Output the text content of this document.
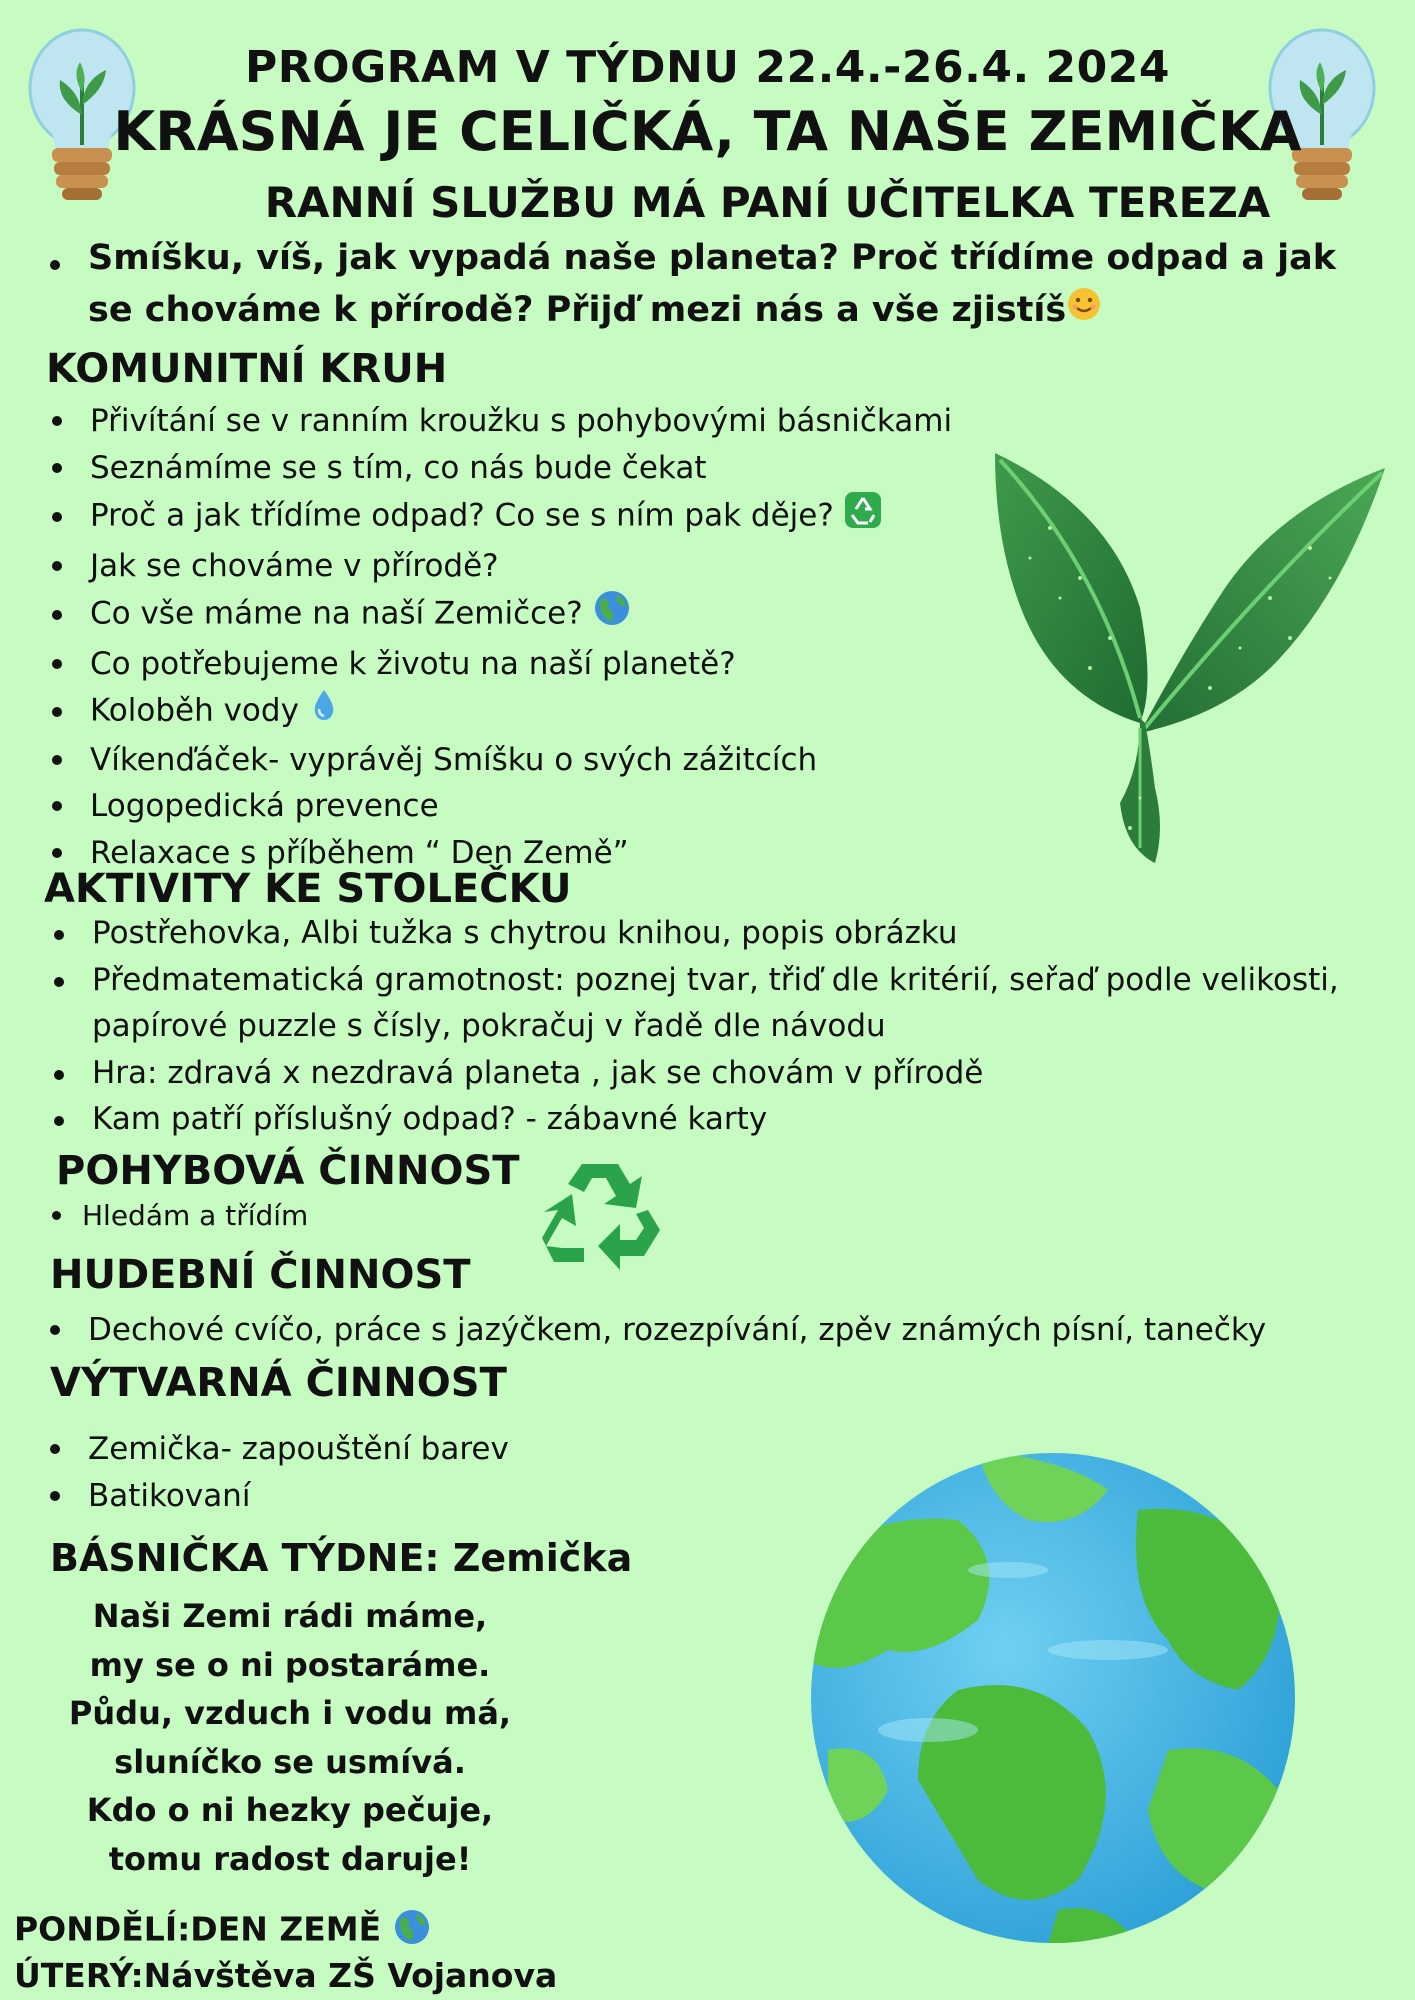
PROGRAM V TÝDNU 22.4.-26.4. 2024
KRÁSNÁ JE CELIČKÁ, TA NAŠE ZEMIČKA
RANNÍ SLUŽBU MÁ PANÍ UČITELKA TEREZA
Smíšku, víš, jak vypadá naše planeta? Proč třídíme odpad a jak se chováme k přírodě? Přijď mezi nás a vše zjistíš
KOMUNITNÍ KRUH
Přivítání se v ranním kroužku s pohybovými básničkami
Seznámíme se s tím, co nás bude čekat
Proč a jak třídíme odpad? Co se s ním pak děje?
Jak se chováme v přírodě?
Co vše máme na naší Zemičce?
Co potřebujeme k životu na naší planetě?
Koloběh vody
Víkenďáček- vyprávěj Smíšku o svých zážitcích
Logopedická prevence
Relaxace s příběhem “ Den Země”
AKTIVITY KE STOLEČKU
Postřehovka, Albi tužka s chytrou knihou, popis obrázku
Předmatematická gramotnost: poznej tvar, třiď dle kritérií, seřaď podle velikosti, papírové puzzle s čísly, pokračuj v řadě dle návodu
Hra: zdravá x nezdravá planeta , jak se chovám v přírodě
Kam patří příslušný odpad? - zábavné karty
POHYBOVÁ ČINNOST
Hledám a třídím
HUDEBNÍ ČINNOST
Dechové cvíčo, práce s jazýčkem, rozezpívání, zpěv známých písní, tanečky
VÝTVARNÁ ČINNOST
Zemička- zapouštění barev
Batikovaní
BÁSNIČKA TÝDNE: Zemička
Naši Zemi rádi máme,
my se o ni postaráme.
Půdu, vzduch i vodu má,
sluníčko se usmívá.
Kdo o ni hezky pečuje,
tomu radost daruje!
PONDĚLÍ:DEN ZEMĚ
ÚTERÝ:Návštěva ZŠ Vojanova
